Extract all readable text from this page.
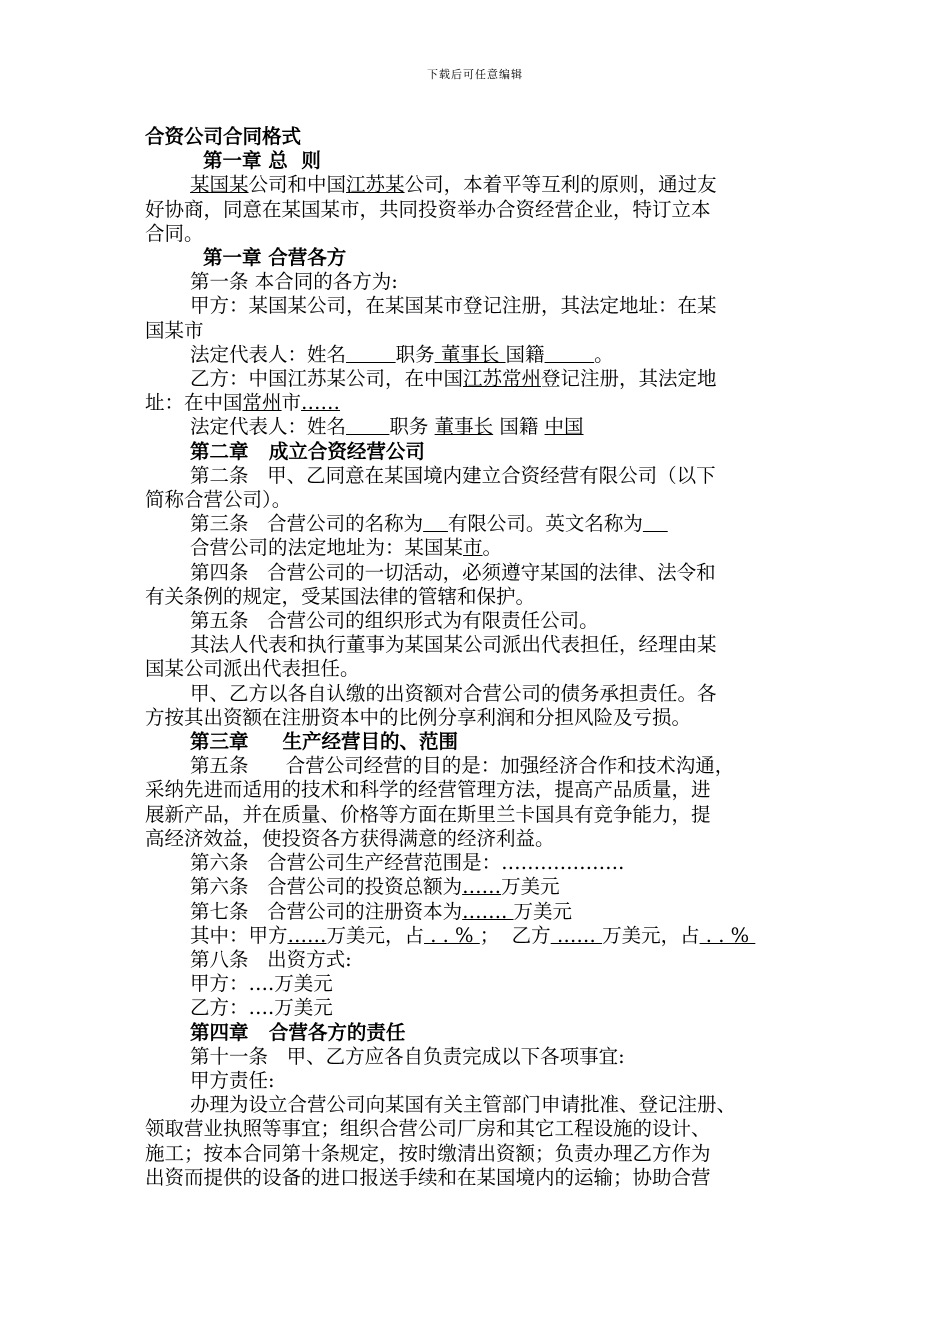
下载后可任意编辑

合资公司合同格式

第一章 总  则

某国某公司和中国江苏某公司，本着平等互利的原则，通过友

好协商，同意在某国某市，共同投资举办合资经营企业，特订立本

合同。

第一章 合营各方

第一条 本合同的各方为:

甲方：某国某公司，在某国某市登记注册，其法定地址：在某

国某市

法定代表人：姓名	职务 董事长 国籍	。

乙方：中国江苏某公司，在中国江苏常州登记注册，其法定地

址：在中国常州市……

法定代表人：姓名 职务 董事长 国籍 中国

第二章   成立合资经营公司

第二条   甲、乙同意在某国境内建立合资经营有限公司（以下

简称合营公司）。

第三条   合营公司的名称为 有限公司。英文名称为

合营公司的法定地址为：某国某市。

第四条   合营公司的一切活动，必须遵守某国的法律、法令和

有关条例的规定，受某国法律的管辖和保护。

第五条   合营公司的组织形式为有限责任公司。

其法人代表和执行董事为某国某公司派出代表担任，经理由某

国某公司派出代表担任。

甲、乙方以各自认缴的出资额对合营公司的债务承担责任。各

方按其出资额在注册资本中的比例分享利润和分担风险及亏损。

第三章     生产经营目的、范围

第五条      合营公司经营的目的是：加强经济合作和技术沟通，

采纳先进而适用的技术和科学的经营管理方法，提高产品质量，进

展新产品，并在质量、价格等方面在斯里兰卡国具有竞争能力，提

高经济效益，使投资各方获得满意的经济利益。

第六条   合营公司生产经营范围是：……………….

第六条   合营公司的投资总额为……万美元

第七条   合营公司的注册资本为……. 万美元

其中：甲方……万美元，占 . . % ；  乙方 …… 万美元，占 . . %

第八条   出资方式:

甲方：….万美元

乙方：….万美元

第四章   合营各方的责任

第十一条   甲、乙方应各自负责完成以下各项事宜:

甲方责任:

办理为设立合营公司向某国有关主管部门申请批准、登记注册、

领取营业执照等事宜；组织合营公司厂房和其它工程设施的设计、

施工；按本合同第十条规定，按时缴清出资额；负责办理乙方作为

出资而提供的设备的进口报送手续和在某国境内的运输；协助合营
